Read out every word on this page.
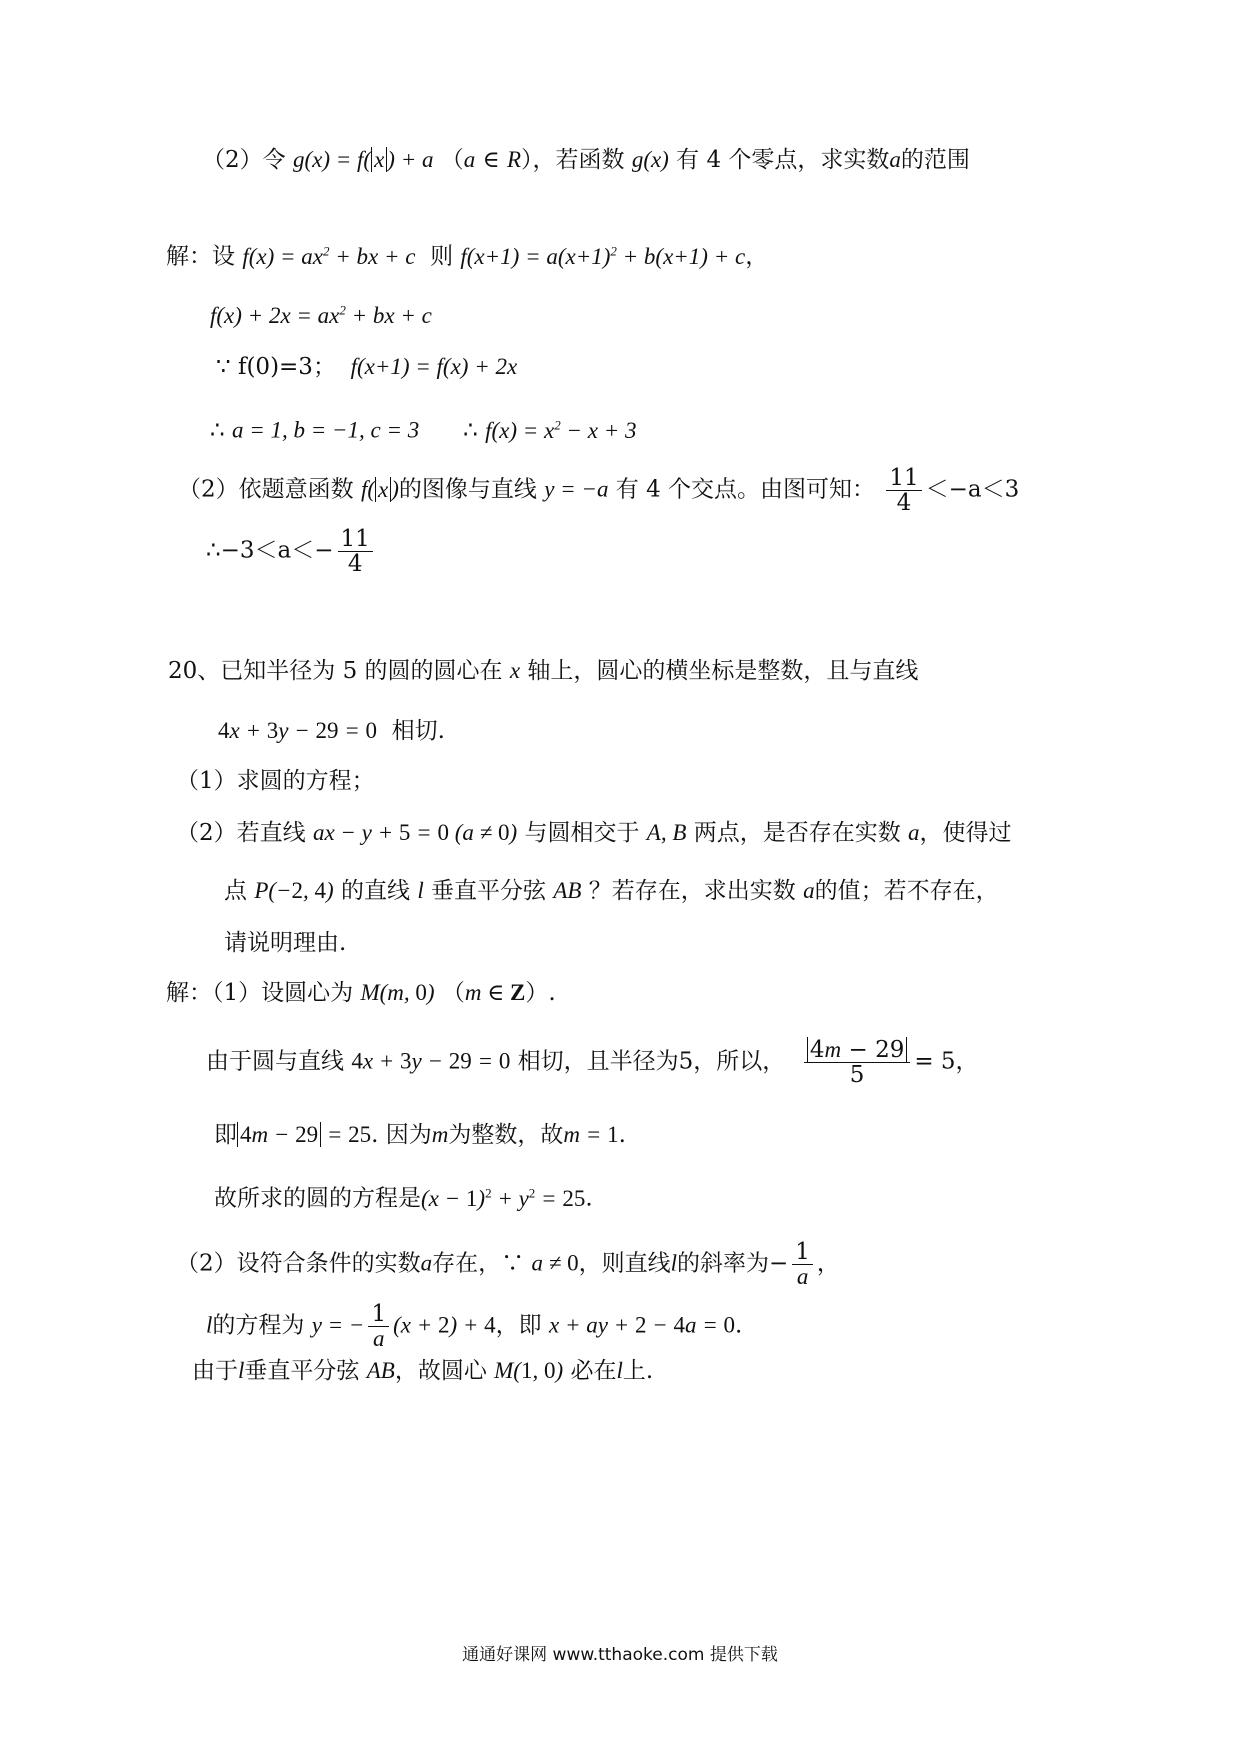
（2）令 g(x) = f( x ) + a （a ∈ R），若函数 g(x) 有 4 个零点，求实数a的范围
解：设 $f(x) = ax^2$ + bx + c 则 $f(x+1) = a(x+1)^2 + b(x+1) + c$，
$f(x) + 2x = ax^2$ + bx + c
∵ f(0)=3； f(x+1) = f(x) + 2x
∴ a = 1, b = −1, c = 3 ∴ $f(x) = x^2 - x + 3$
（2）依题意函数 f( x )的图像与直线 y = −a 有 4 个交点。由图可知： $\frac{11}{4} <-a<3$
∴−3＜a＜− $\frac{11}{4}$
20、已知半径为 5 的圆的圆心在 x 轴上，圆心的横坐标是整数，且与直线
4x + 3y − 29 = 0 相切.
（1）求圆的方程；
（2）若直线 ax − y + 5 = 0 (a ≠ 0) 与圆相交于 A, B 两点，是否存在实数 a，使得过
点 P(−2, 4) 的直线 l 垂直平分弦 AB ？若存在，求出实数 a的值；若不存在，
请说明理由.
解：（1）设圆心为 M(m, 0) （m ∈ Z）.
由于圆与直线 4x + 3y − 29 = 0 相切，且半径为5，所以， $\frac{4m - 29}{5} = 5$，
即 4m − 29 = 25. 因为m为整数，故m = 1.
故所求的圆的方程是$(x - 1)^2 + y^2 = 25$.
（2）设符合条件的实数a存在，∵ a ≠ 0，则直线l的斜率为− $\frac{1}{a}$ ，
l的方程为 y = − $\frac{1}{a} (x + 2) + 4$，即 x + ay + 2 − 4a = 0.
由于l垂直平分弦 AB，故圆心 M(1, 0) 必在l上.
通通好课网 www.tthaoke.com 提供下载
